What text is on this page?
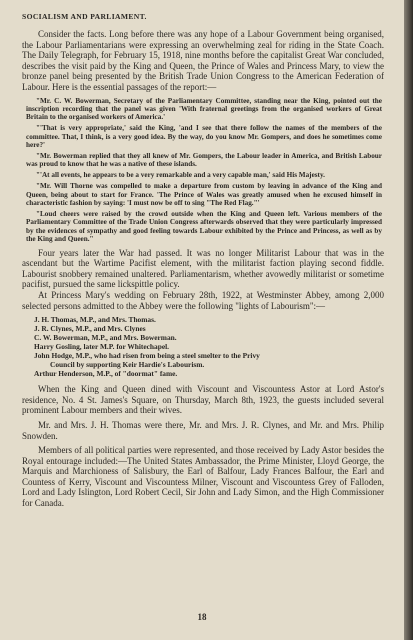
SOCIALISM AND PARLIAMENT.

Consider the facts. Long before there was any hope of a Labour Government being organised, the Labour Parliamentarians were expressing an overwhelming zeal for riding in the State Coach. The Daily Telegraph, for February 15, 1918, nine months before the capitalist Great War concluded, describes the visit paid by the King and Queen, the Prince of Wales and Princess Mary, to view the bronze panel being presented by the British Trade Union Congress to the American Federation of Labour. Here is the essential passages of the report:—

"Mr. C. W. Bowerman, Secretary of the Parliamentary Committee, standing near the King, pointed out the inscription recording that the panel was given 'With fraternal greetings from the organised workers of Great Britain to the organised workers of America.'

"'That is very appropriate,' said the King, 'and I see that there follow the names of the members of the committee. That, I think, is a very good idea. By the way, do you know Mr. Gompers, and does he sometimes come here?'

"Mr. Bowerman replied that they all knew of Mr. Gompers, the Labour leader in America, and British Labour was proud to know that he was a native of these islands.

"'At all events, he appears to be a very remarkable and a very capable man,' said His Majesty.

"Mr. Will Thorne was compelled to make a departure from custom by leaving in advance of the King and Queen, being about to start for France. 'The Prince of Wales was greatly amused when he excused himself in characteristic fashion by saying: 'I must now be off to sing "The Red Flag."'

"Loud cheers were raised by the crowd outside when the King and Queen left. Various members of the Parliamentary Committee of the Trade Union Congress afterwards observed that they were particularly impressed by the evidences of sympathy and good feeling towards Labour exhibited by the Prince and Princess, as well as by the King and Queen."

Four years later the War had passed. It was no longer Militarist Labour that was in the ascendant but the Wartime Pacifist element, with the militarist faction playing second fiddle. Labourist snobbery remained unaltered. Parliamentarism, whether avowedly militarist or sometime pacifist, pursued the same lickspittle policy.

At Princess Mary's wedding on February 28th, 1922, at Westminster Abbey, among 2,000 selected persons admitted to the Abbey were the following "lights of Labourism":—

J. H. Thomas, M.P., and Mrs. Thomas.
J. R. Clynes, M.P., and Mrs. Clynes
C. W. Bowerman, M.P., and Mrs. Bowerman.
Harry Gosling, later M.P. for Whitechapel.
John Hodge, M.P., who had risen from being a steel smelter to the Privy
Council by supporting Keir Hardie's Labourism.
Arthur Henderson, M.P., of "doormat" fame.

When the King and Queen dined with Viscount and Viscountess Astor at Lord Astor's residence, No. 4 St. James's Square, on Thursday, March 8th, 1923, the guests included several prominent Labour members and their wives.

Mr. and Mrs. J. H. Thomas were there, Mr. and Mrs. J. R. Clynes, and Mr. and Mrs. Philip Snowden.

Members of all political parties were represented, and those received by Lady Astor besides the Royal entourage included:—The United States Ambassador, the Prime Minister, Lloyd George, the Marquis and Marchioness of Salisbury, the Earl of Balfour, Lady Frances Balfour, the Earl and Countess of Kerry, Viscount and Viscountess Milner, Viscount and Viscountess Grey of Falloden, Lord and Lady Islington, Lord Robert Cecil, Sir John and Lady Simon, and the High Commissioner for Canada.

18
